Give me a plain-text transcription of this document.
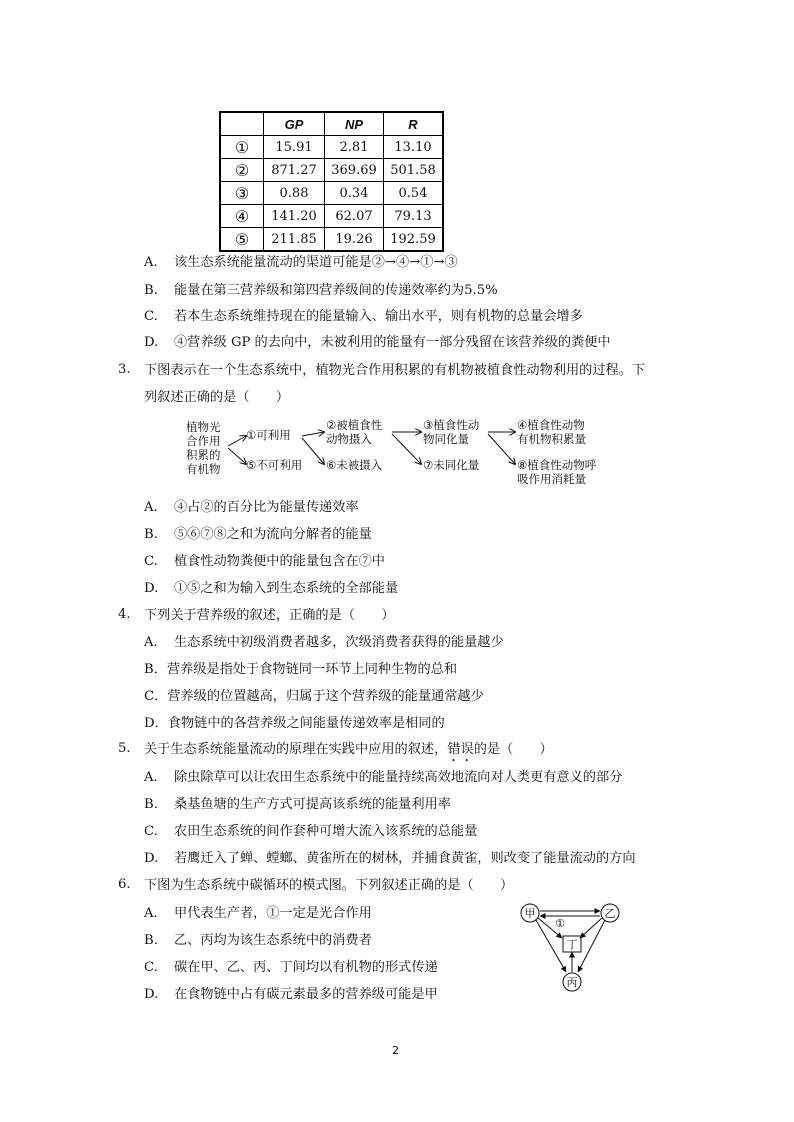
	GP	NP	R
①	15.91	2.81	13.10
②	871.27	369.69	501.58
③	0.88	0.34	0.54
④	141.20	62.07	79.13
⑤	211.85	19.26	192.59
A. 该生态系统能量流动的渠道可能是②→④→①→③
B. 能量在第三营养级和第四营养级间的传递效率约为5.5%
C. 若本生态系统维持现在的能量输入、输出水平，则有机物的总量会增多
D. ④营养级 GP 的去向中，未被利用的能量有一部分残留在该营养级的粪便中
3. 下图表示在一个生态系统中，植物光合作用积累的有机物被植食性动物利用的过程。下
列叙述正确的是（　　）
植物光
合作用
积累的
有机物
①可利用
⑤不可利用
②被植食性
动物摄入
⑥未被摄入
③植食性动
物同化量
⑦未同化量
④植食性动物
有机物积累量
⑧植食性动物呼
吸作用消耗量
A. ④占②的百分比为能量传递效率
B. ⑤⑥⑦⑧之和为流向分解者的能量
C. 植食性动物粪便中的能量包含在⑦中
D. ①⑤之和为输入到生态系统的全部能量
4. 下列关于营养级的叙述，正确的是（　　）
A. 生态系统中初级消费者越多，次级消费者获得的能量越少
B．营养级是指处于食物链同一环节上同种生物的总和
C．营养级的位置越高，归属于这个营养级的能量通常越少
D．食物链中的各营养级之间能量传递效率是相同的
5. 关于生态系统能量流动的原理在实践中应用的叙述，错误的是（　　）
A. 除虫除草可以让农田生态系统中的能量持续高效地流向对人类更有意义的部分
B. 桑基鱼塘的生产方式可提高该系统的能量利用率
C. 农田生态系统的间作套种可增大流入该系统的总能量
D. 若鹰迁入了蝉、螳螂、黄雀所在的树林，并捕食黄雀，则改变了能量流动的方向
6. 下图为生态系统中碳循环的模式图。下列叙述正确的是（　　）
A. 甲代表生产者，①一定是光合作用
B. 乙、丙均为该生态系统中的消费者
C. 碳在甲、乙、丙、丁间均以有机物的形式传递
D. 在食物链中占有碳元素最多的营养级可能是甲
甲	乙
丙
丁
①
2
